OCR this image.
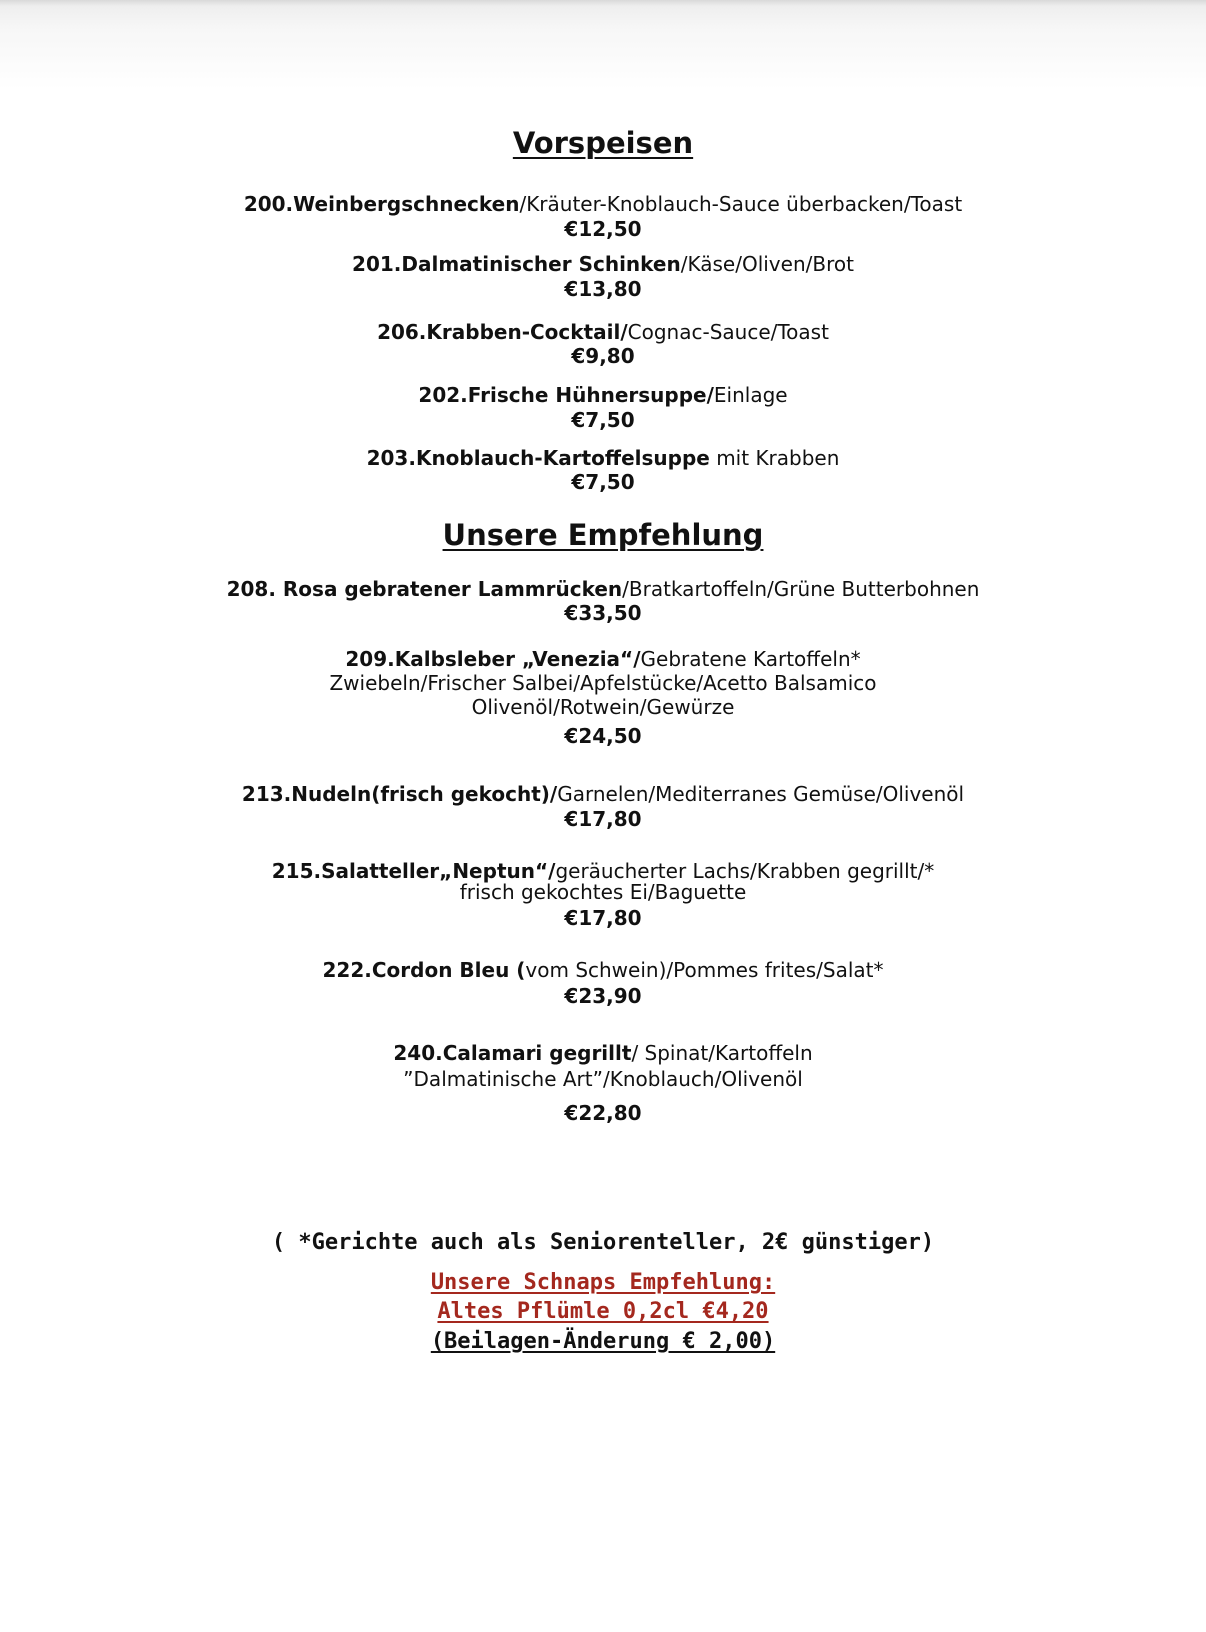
Vorspeisen
200.Weinbergschnecken/Kräuter-Knoblauch-Sauce überbacken/Toast
€12,50
201.Dalmatinischer Schinken/Käse/Oliven/Brot
€13,80
206.Krabben-Cocktail/Cognac-Sauce/Toast
€9,80
202.Frische Hühnersuppe/Einlage
€7,50
203.Knoblauch-Kartoffelsuppe mit Krabben
€7,50
Unsere Empfehlung
208. Rosa gebratener Lammrücken/Bratkartoffeln/Grüne Butterbohnen
€33,50
209.Kalbsleber „Venezia“/Gebratene Kartoffeln*
Zwiebeln/Frischer Salbei/Apfelstücke/Acetto Balsamico
Olivenöl/Rotwein/Gewürze
€24,50
213.Nudeln(frisch gekocht)/Garnelen/Mediterranes Gemüse/Olivenöl
€17,80
215.Salatteller„Neptun“/geräucherter Lachs/Krabben gegrillt/*
frisch gekochtes Ei/Baguette
€17,80
222.Cordon Bleu (vom Schwein)/Pommes frites/Salat*
€23,90
240.Calamari gegrillt/ Spinat/Kartoffeln
”Dalmatinische Art”/Knoblauch/Olivenöl
€22,80
( *Gerichte auch als Seniorenteller, 2€ günstiger)
Unsere Schnaps Empfehlung:
Altes Pflümle 0,2cl €4,20
(Beilagen-Änderung € 2,00)
